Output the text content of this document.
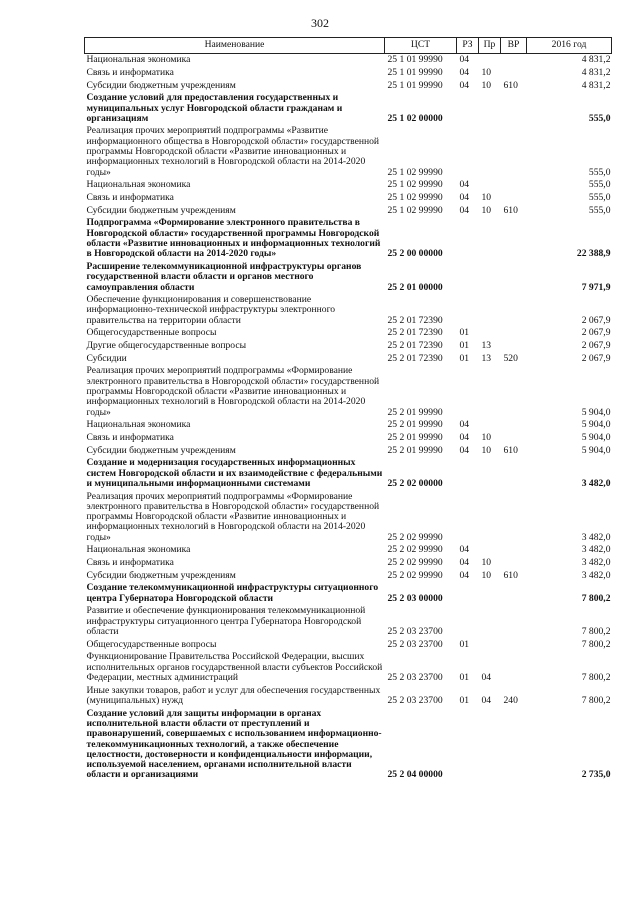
302
Наименование	ЦСТ	РЗ	Пр	ВР	2016 год
Национальная экономика	25 1 01 99990	04			4 831,2
Связь и информатика	25 1 01 99990	04	10		4 831,2
Субсидии бюджетным учреждениям	25 1 01 99990	04	10	610	4 831,2
Создание условий для предоставления государственных и муниципальных услуг Новгородской области гражданам и организациям	25 1 02 00000				555,0
Реализация прочих мероприятий подпрограммы «Развитие информационного общества в Новгородской области» государственной программы Новгородской области «Развитие инновационных и информационных технологий в Новгородской области на 2014-2020 годы»	25 1 02 99990				555,0
Национальная экономика	25 1 02 99990	04			555,0
Связь и информатика	25 1 02 99990	04	10		555,0
Субсидии бюджетным учреждениям	25 1 02 99990	04	10	610	555,0
Подпрограмма «Формирование электронного правительства в Новгородской области» государственной программы Новгородской области «Развитие инновационных и информационных технологий в Новгородской области на 2014-2020 годы»	25 2 00 00000				22 388,9
Расширение телекоммуникационной инфраструктуры органов государственной власти области и органов местного самоуправления области	25 2 01 00000				7 971,9
Обеспечение функционирования и совершенствование информационно-технической инфраструктуры электронного правительства на территории области	25 2 01 72390				2 067,9
Общегосударственные вопросы	25 2 01 72390	01			2 067,9
Другие общегосударственные вопросы	25 2 01 72390	01	13		2 067,9
Субсидии	25 2 01 72390	01	13	520	2 067,9
Реализация прочих мероприятий подпрограммы «Формирование электронного правительства в Новгородской области» государственной программы Новгородской области «Развитие инновационных и информационных технологий в Новгородской области на 2014-2020 годы»	25 2 01 99990				5 904,0
Национальная экономика	25 2 01 99990	04			5 904,0
Связь и информатика	25 2 01 99990	04	10		5 904,0
Субсидии бюджетным учреждениям	25 2 01 99990	04	10	610	5 904,0
Создание и модернизация государственных информационных систем Новгородской области и их взаимодействие с федеральными и муниципальными информационными системами	25 2 02 00000				3 482,0
Реализация прочих мероприятий подпрограммы «Формирование электронного правительства в Новгородской области» государственной программы Новгородской области «Развитие инновационных и информационных технологий в Новгородской области на 2014-2020 годы»	25 2 02 99990				3 482,0
Национальная экономика	25 2 02 99990	04			3 482,0
Связь и информатика	25 2 02 99990	04	10		3 482,0
Субсидии бюджетным учреждениям	25 2 02 99990	04	10	610	3 482,0
Создание телекоммуникационной инфраструктуры ситуационного центра Губернатора Новгородской области	25 2 03 00000				7 800,2
Развитие и обеспечение функционирования телекоммуникационной инфраструктуры ситуационного центра Губернатора Новгородской области	25 2 03 23700				7 800,2
Общегосударственные вопросы	25 2 03 23700	01			7 800,2
Функционирование Правительства Российской Федерации, высших исполнительных органов государственной власти субъектов Российской Федерации, местных администраций	25 2 03 23700	01	04		7 800,2
Иные закупки товаров, работ и услуг для обеспечения государственных (муниципальных) нужд	25 2 03 23700	01	04	240	7 800,2
Создание условий для защиты информации в органах исполнительной власти области от преступлений и правонарушений, совершаемых с использованием информационно-телекоммуникационных технологий, а также обеспечение целостности, достоверности и конфиденциальности информации, используемой населением, органами исполнительной власти области и организациями	25 2 04 00000				2 735,0
